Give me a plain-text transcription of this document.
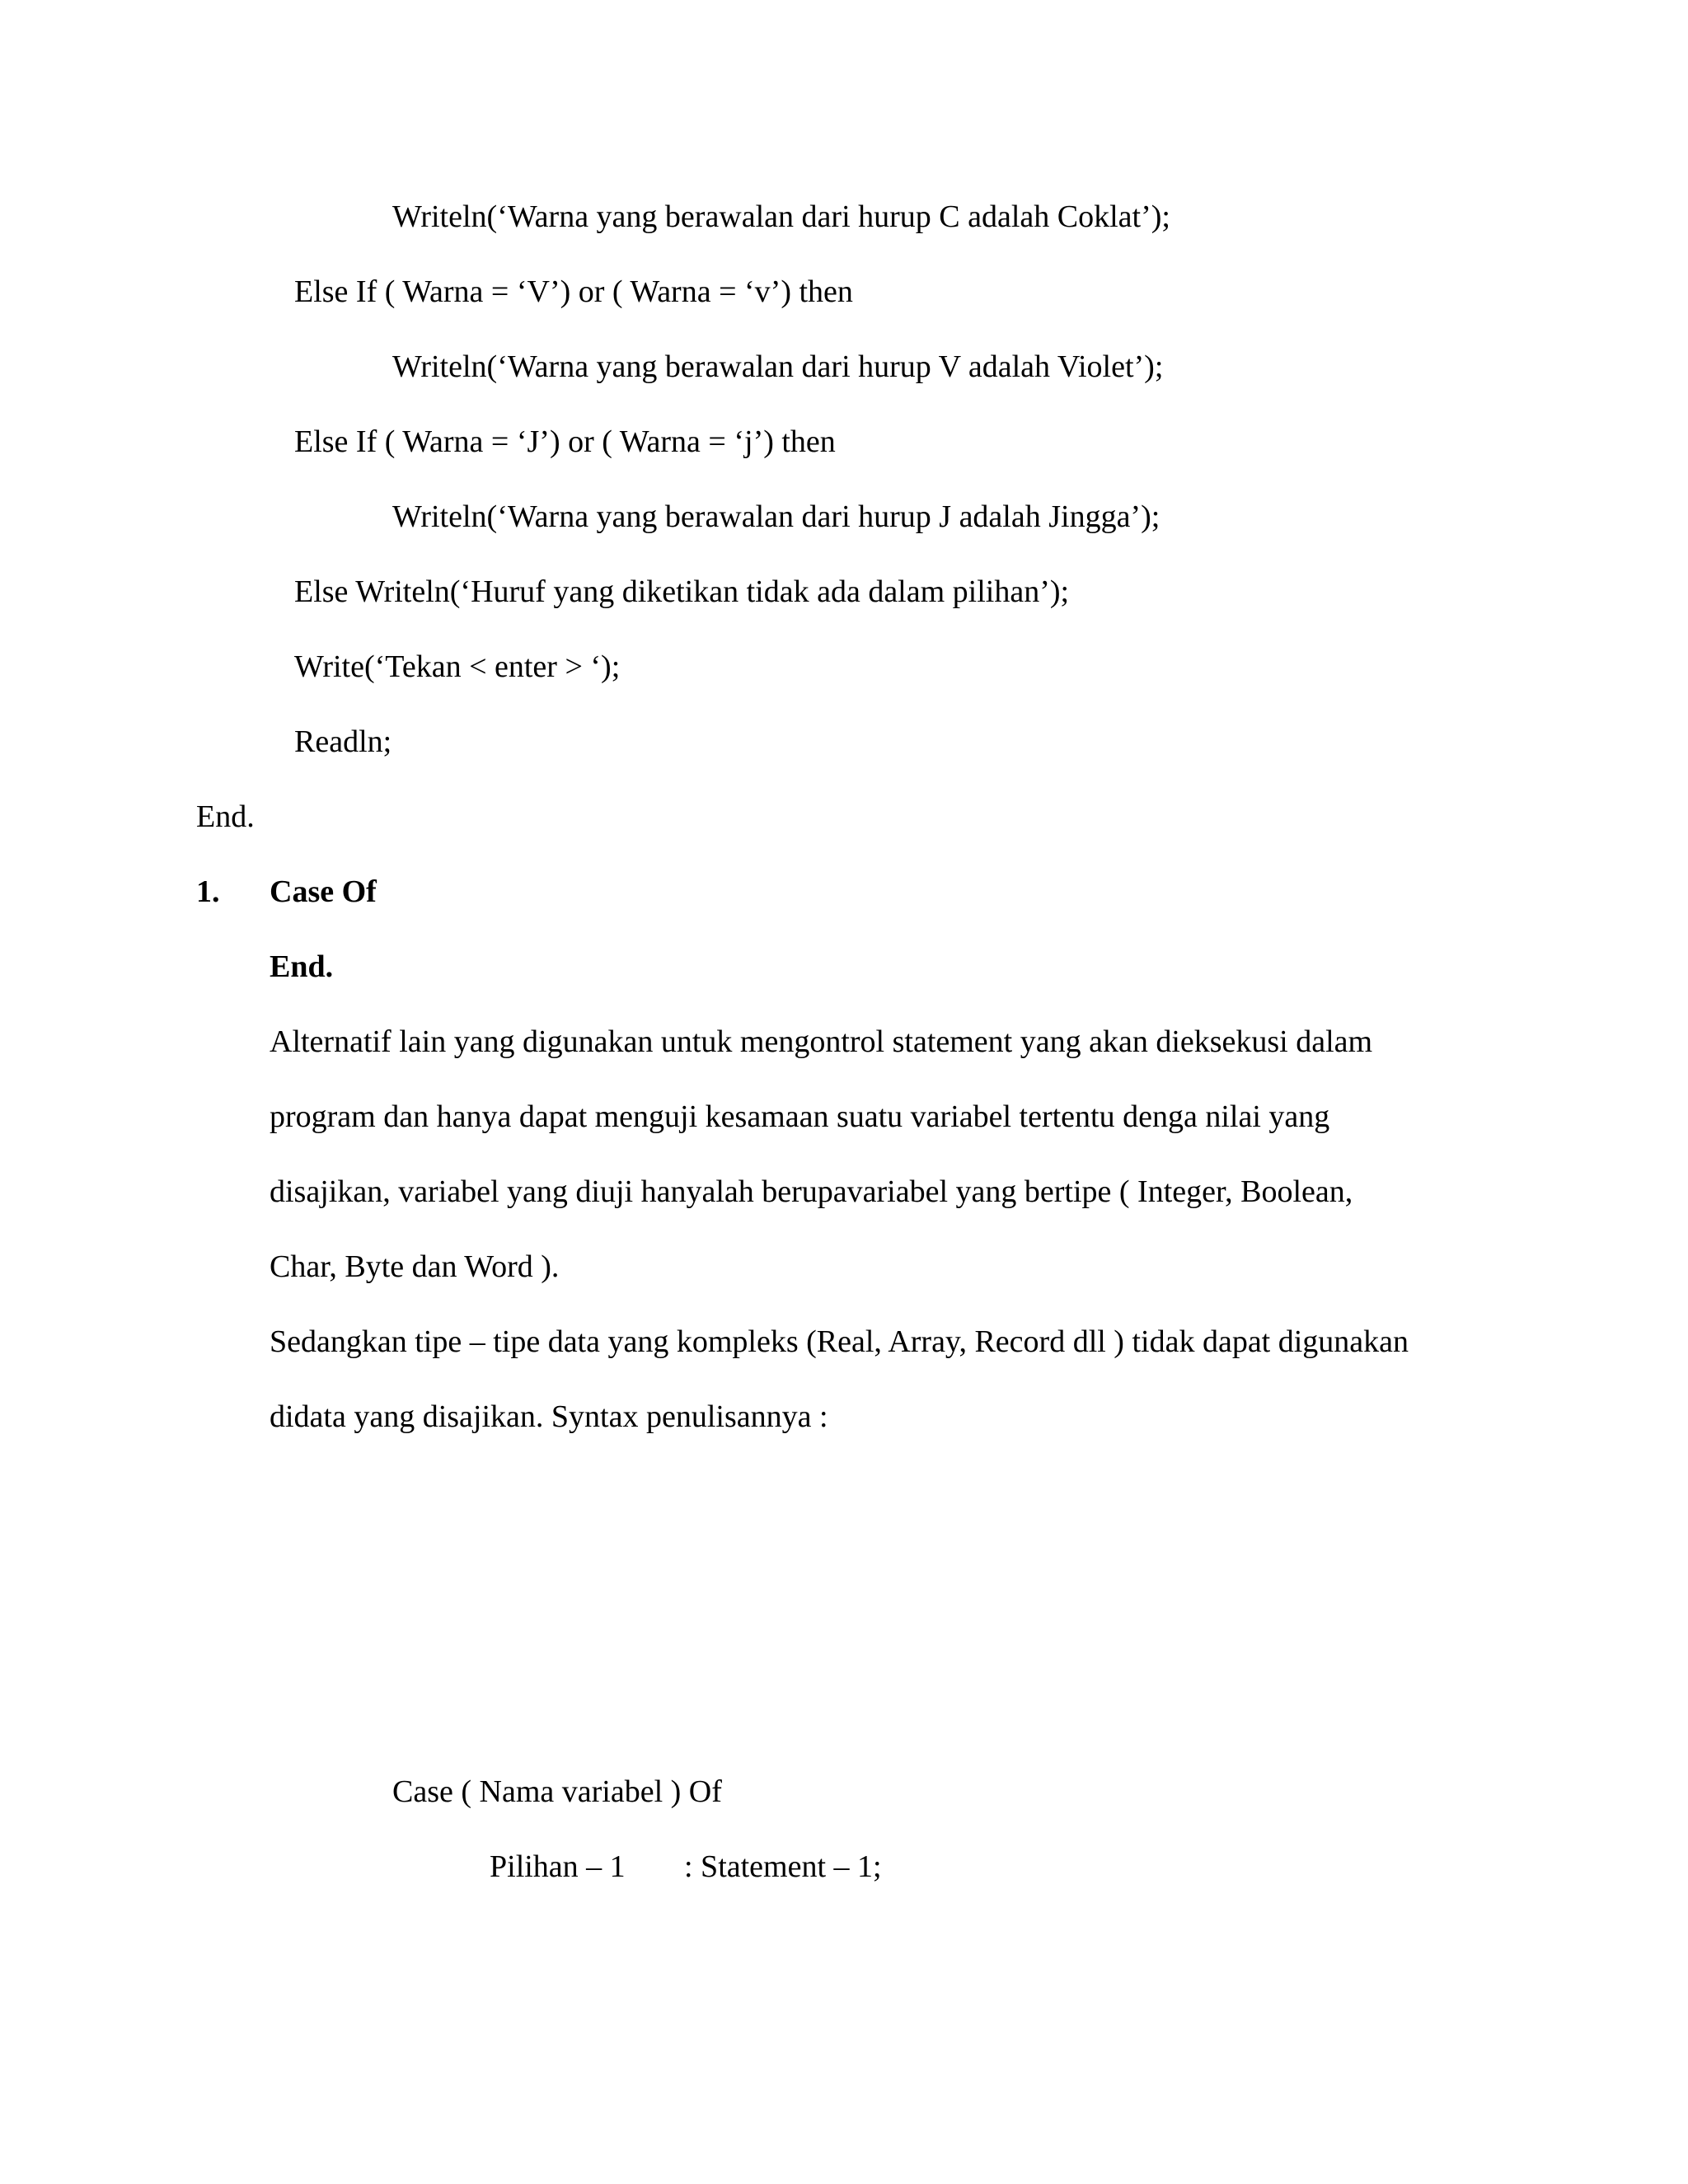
Writeln(‘Warna yang berawalan dari hurup C adalah Coklat’);
Else If ( Warna = ‘V’) or ( Warna = ‘v’) then
Writeln(‘Warna yang berawalan dari hurup V adalah Violet’);
Else If ( Warna = ‘J’) or ( Warna = ‘j’) then
Writeln(‘Warna yang berawalan dari hurup J adalah Jingga’);
Else Writeln(‘Huruf yang diketikan tidak ada dalam pilihan’);
Write(‘Tekan < enter > ‘);
Readln;
End.
1. Case Of
End.
Alternatif lain yang digunakan untuk mengontrol statement yang akan dieksekusi dalam
program dan hanya dapat menguji kesamaan suatu variabel tertentu denga nilai yang
disajikan, variabel yang diuji hanyalah berupavariabel yang bertipe ( Integer, Boolean,
Char, Byte dan Word ).
Sedangkan tipe – tipe data yang kompleks (Real, Array, Record dll ) tidak dapat digunakan
didata yang disajikan. Syntax penulisannya :
Case ( Nama variabel ) Of
Pilihan – 1 : Statement – 1;
